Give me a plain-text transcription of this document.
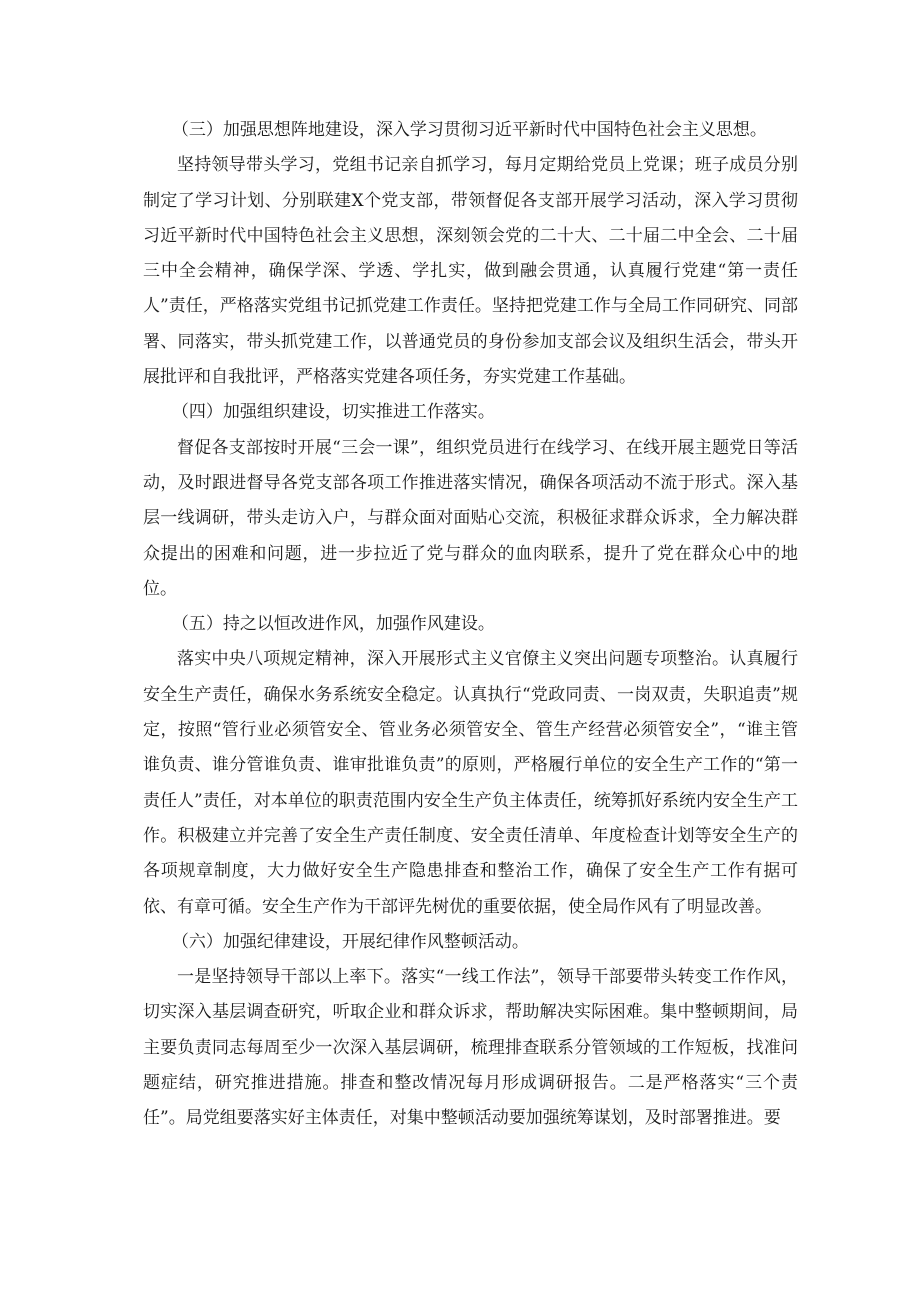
（三）加强思想阵地建设，深入学习贯彻习近平新时代中国特色社会主义思想。

坚持领导带头学习，党组书记亲自抓学习，每月定期给党员上党课；班子成员分别制定了学习计划、分别联建X个党支部，带领督促各支部开展学习活动，深入学习贯彻习近平新时代中国特色社会主义思想，深刻领会党的二十大、二十届二中全会、二十届三中全会精神，确保学深、学透、学扎实，做到融会贯通，认真履行党建“第一责任人”责任，严格落实党组书记抓党建工作责任。坚持把党建工作与全局工作同研究、同部署、同落实，带头抓党建工作，以普通党员的身份参加支部会议及组织生活会，带头开展批评和自我批评，严格落实党建各项任务，夯实党建工作基础。

（四）加强组织建设，切实推进工作落实。

督促各支部按时开展“三会一课”，组织党员进行在线学习、在线开展主题党日等活动，及时跟进督导各党支部各项工作推进落实情况，确保各项活动不流于形式。深入基层一线调研，带头走访入户，与群众面对面贴心交流，积极征求群众诉求，全力解决群众提出的困难和问题，进一步拉近了党与群众的血肉联系，提升了党在群众心中的地位。

（五）持之以恒改进作风，加强作风建设。

落实中央八项规定精神，深入开展形式主义官僚主义突出问题专项整治。认真履行安全生产责任，确保水务系统安全稳定。认真执行“党政同责、一岗双责，失职追责”规定，按照“管行业必须管安全、管业务必须管安全、管生产经营必须管安全”，“谁主管谁负责、谁分管谁负责、谁审批谁负责”的原则，严格履行单位的安全生产工作的“第一责任人”责任，对本单位的职责范围内安全生产负主体责任，统筹抓好系统内安全生产工作。积极建立并完善了安全生产责任制度、安全责任清单、年度检查计划等安全生产的各项规章制度，大力做好安全生产隐患排查和整治工作，确保了安全生产工作有据可依、有章可循。安全生产作为干部评先树优的重要依据，使全局作风有了明显改善。

（六）加强纪律建设，开展纪律作风整顿活动。

一是坚持领导干部以上率下。落实“一线工作法”，领导干部要带头转变工作作风，切实深入基层调查研究，听取企业和群众诉求，帮助解决实际困难。集中整顿期间，局主要负责同志每周至少一次深入基层调研，梳理排查联系分管领域的工作短板，找准问题症结，研究推进措施。排查和整改情况每月形成调研报告。二是严格落实“三个责任”。局党组要落实好主体责任，对集中整顿活动要加强统筹谋划，及时部署推进。要
